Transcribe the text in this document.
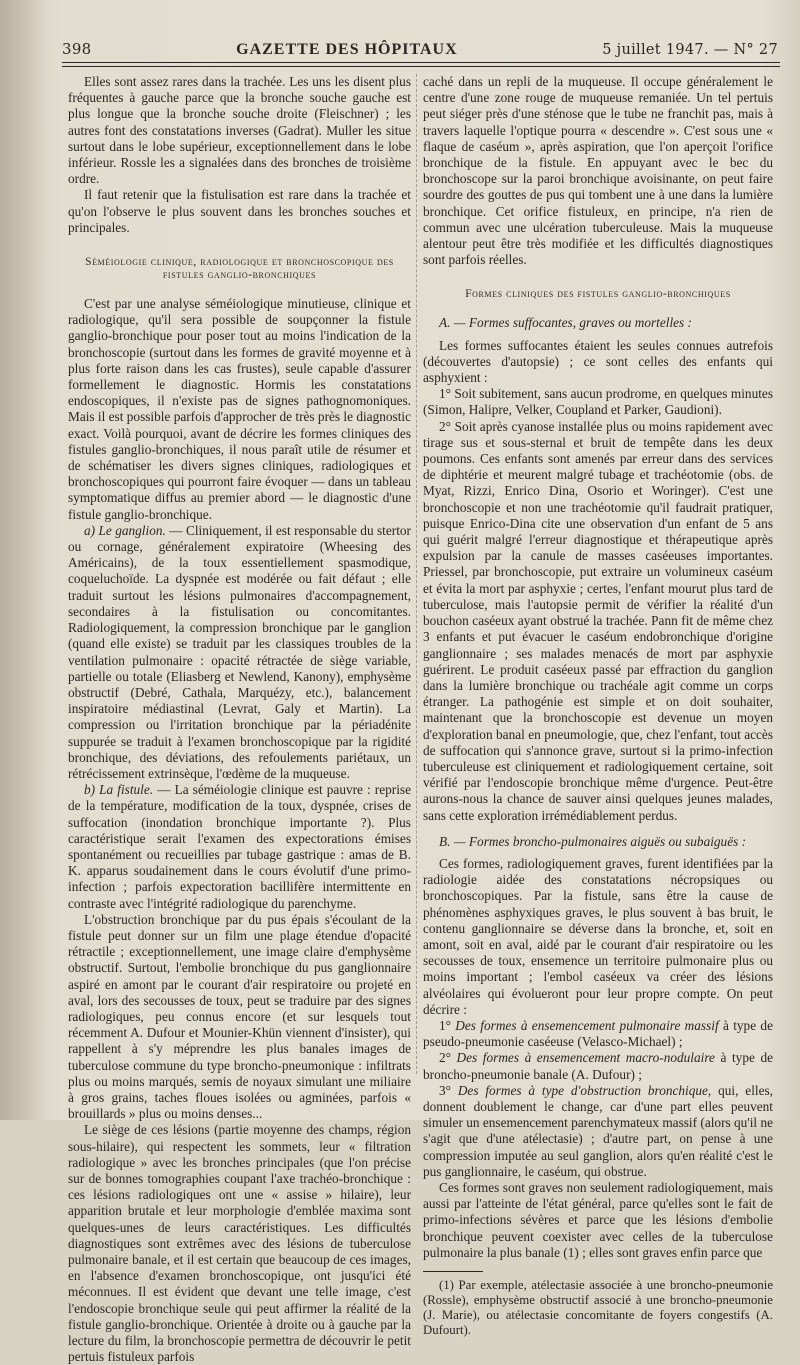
398	GAZETTE DES HÔPITAUX	5 juillet 1947. — N° 27

Elles sont assez rares dans la trachée. Les uns les disent plus fréquentes à gauche parce que la bronche souche gauche est plus longue que la bronche souche droite (Fleischner) ; les autres font des constatations inverses (Gadrat). Muller les situe surtout dans le lobe supérieur, exceptionnellement dans le lobe inférieur. Rossle les a signalées dans des bronches de troisième ordre.

Il faut retenir que la fistulisation est rare dans la trachée et qu'on l'observe le plus souvent dans les bronches souches et principales.

Séméiologie clinique, radiologique et bronchoscopique des fistules ganglio-bronchiques

C'est par une analyse séméiologique minutieuse, clinique et radiologique, qu'il sera possible de soupçonner la fistule ganglio-bronchique pour poser tout au moins l'indication de la bronchoscopie (surtout dans les formes de gravité moyenne et à plus forte raison dans les cas frustes), seule capable d'assurer formellement le diagnostic. Hormis les constatations endoscopiques, il n'existe pas de signes pathognomoniques. Mais il est possible parfois d'approcher de très près le diagnostic exact. Voilà pourquoi, avant de décrire les formes cliniques des fistules ganglio-bronchiques, il nous paraît utile de résumer et de schématiser les divers signes cliniques, radiologiques et bronchoscopiques qui pourront faire évoquer — dans un tableau symptomatique diffus au premier abord — le diagnostic d'une fistule ganglio-bronchique.

a) Le ganglion. — Cliniquement, il est responsable du stertor ou cornage, généralement expiratoire (Wheesing des Américains), de la toux essentiellement spasmodique, coqueluchoïde. La dyspnée est modérée ou fait défaut ; elle traduit surtout les lésions pulmonaires d'accompagnement, secondaires à la fistulisation ou concomitantes. Radiologiquement, la compression bronchique par le ganglion (quand elle existe) se traduit par les classiques troubles de la ventilation pulmonaire : opacité rétractée de siège variable, partielle ou totale (Eliasberg et Newlend, Kanony), emphysème obstructif (Debré, Cathala, Marquézy, etc.), balancement inspiratoire médiastinal (Levrat, Galy et Martin). La compression ou l'irritation bronchique par la périadénite suppurée se traduit à l'examen bronchoscopique par la rigidité bronchique, des déviations, des refoulements pariétaux, un rétrécissement extrinsèque, l'œdème de la muqueuse.

b) La fistule. — La séméiologie clinique est pauvre : reprise de la température, modification de la toux, dyspnée, crises de suffocation (inondation bronchique importante ?). Plus caractéristique serait l'examen des expectorations émises spontanément ou recueillies par tubage gastrique : amas de B. K. apparus soudainement dans le cours évolutif d'une primo-infection ; parfois expectoration bacillifère intermittente en contraste avec l'intégrité radiologique du parenchyme.

L'obstruction bronchique par du pus épais s'écoulant de la fistule peut donner sur un film une plage étendue d'opacité rétractile ; exceptionnellement, une image claire d'emphysème obstructif. Surtout, l'embolie bronchique du pus ganglionnaire aspiré en amont par le courant d'air respiratoire ou projeté en aval, lors des secousses de toux, peut se traduire par des signes radiologiques, peu connus encore (et sur lesquels tout récemment A. Dufour et Mounier-Khün viennent d'insister), qui rappellent à s'y méprendre les plus banales images de tuberculose commune du type broncho-pneumonique : infiltrats plus ou moins marqués, semis de noyaux simulant une miliaire à gros grains, taches floues isolées ou agminées, parfois « brouillards » plus ou moins denses...

Le siège de ces lésions (partie moyenne des champs, région sous-hilaire), qui respectent les sommets, leur « filtration radiologique » avec les bronches principales (que l'on précise sur de bonnes tomographies coupant l'axe trachéo-bronchique : ces lésions radiologiques ont une « assise » hilaire), leur apparition brutale et leur morphologie d'emblée maxima sont quelques-unes de leurs caractéristiques. Les difficultés diagnostiques sont extrêmes avec des lésions de tuberculose pulmonaire banale, et il est certain que beaucoup de ces images, en l'absence d'examen bronchoscopique, ont jusqu'ici été méconnues. Il est évident que devant une telle image, c'est l'endoscopie bronchique seule qui peut affirmer la réalité de la fistule ganglio-bronchique. Orientée à droite ou à gauche par la lecture du film, la bronchoscopie permettra de découvrir le petit pertuis fistuleux parfois

caché dans un repli de la muqueuse. Il occupe généralement le centre d'une zone rouge de muqueuse remaniée. Un tel pertuis peut siéger près d'une sténose que le tube ne franchit pas, mais à travers laquelle l'optique pourra « descendre ». C'est sous une « flaque de caséum », après aspiration, que l'on aperçoit l'orifice bronchique de la fistule. En appuyant avec le bec du bronchoscope sur la paroi bronchique avoisinante, on peut faire sourdre des gouttes de pus qui tombent une à une dans la lumière bronchique. Cet orifice fistuleux, en principe, n'a rien de commun avec une ulcération tuberculeuse. Mais la muqueuse alentour peut être très modifiée et les difficultés diagnostiques sont parfois réelles.

Formes cliniques des fistules ganglio-bronchiques

A. — Formes suffocantes, graves ou mortelles :

Les formes suffocantes étaient les seules connues autrefois (découvertes d'autopsie) ; ce sont celles des enfants qui asphyxient :

1° Soit subitement, sans aucun prodrome, en quelques minutes (Simon, Halipre, Velker, Coupland et Parker, Gaudioni).

2° Soit après cyanose installée plus ou moins rapidement avec tirage sus et sous-sternal et bruit de tempête dans les deux poumons. Ces enfants sont amenés par erreur dans des services de diphtérie et meurent malgré tubage et trachéotomie (obs. de Myat, Rizzi, Enrico Dina, Osorio et Woringer). C'est une bronchoscopie et non une trachéotomie qu'il faudrait pratiquer, puisque Enrico-Dina cite une observation d'un enfant de 5 ans qui guérit malgré l'erreur diagnostique et thérapeutique après expulsion par la canule de masses caséeuses importantes. Priessel, par bronchoscopie, put extraire un volumineux caséum et évita la mort par asphyxie ; certes, l'enfant mourut plus tard de tuberculose, mais l'autopsie permit de vérifier la réalité d'un bouchon caséeux ayant obstrué la trachée. Pann fit de même chez 3 enfants et put évacuer le caséum endobronchique d'origine ganglionnaire ; ses malades menacés de mort par asphyxie guérirent. Le produit caséeux passé par effraction du ganglion dans la lumière bronchique ou trachéale agit comme un corps étranger. La pathogénie est simple et on doit souhaiter, maintenant que la bronchoscopie est devenue un moyen d'exploration banal en pneumologie, que, chez l'enfant, tout accès de suffocation qui s'annonce grave, surtout si la primo-infection tuberculeuse est cliniquement et radiologiquement certaine, soit vérifié par l'endoscopie bronchique même d'urgence. Peut-être aurons-nous la chance de sauver ainsi quelques jeunes malades, sans cette exploration irrémédiablement perdus.

B. — Formes broncho-pulmonaires aiguës ou subaiguës :

Ces formes, radiologiquement graves, furent identifiées par la radiologie aidée des constatations nécropsiques ou bronchoscopiques. Par la fistule, sans être la cause de phénomènes asphyxiques graves, le plus souvent à bas bruit, le contenu ganglionnaire se déverse dans la bronche, et, soit en amont, soit en aval, aidé par le courant d'air respiratoire ou les secousses de toux, ensemence un territoire pulmonaire plus ou moins important ; l'embol caséeux va créer des lésions alvéolaires qui évolueront pour leur propre compte. On peut décrire :

1° Des formes à ensemencement pulmonaire massif à type de pseudo-pneumonie caséeuse (Velasco-Michael) ;

2° Des formes à ensemencement macro-nodulaire à type de broncho-pneumonie banale (A. Dufour) ;

3° Des formes à type d'obstruction bronchique, qui, elles, donnent doublement le change, car d'une part elles peuvent simuler un ensemencement parenchymateux massif (alors qu'il ne s'agit que d'une atélectasie) ; d'autre part, on pense à une compression imputée au seul ganglion, alors qu'en réalité c'est le pus ganglionnaire, le caséum, qui obstrue.

Ces formes sont graves non seulement radiologiquement, mais aussi par l'atteinte de l'état général, parce qu'elles sont le fait de primo-infections sévères et parce que les lésions d'embolie bronchique peuvent coexister avec celles de la tuberculose pulmonaire la plus banale (1) ; elles sont graves enfin parce que

(1) Par exemple, atélectasie associée à une broncho-pneumonie (Rossle), emphysème obstructif associé à une broncho-pneumonie (J. Marie), ou atélectasie concomitante de foyers congestifs (A. Dufourt).
